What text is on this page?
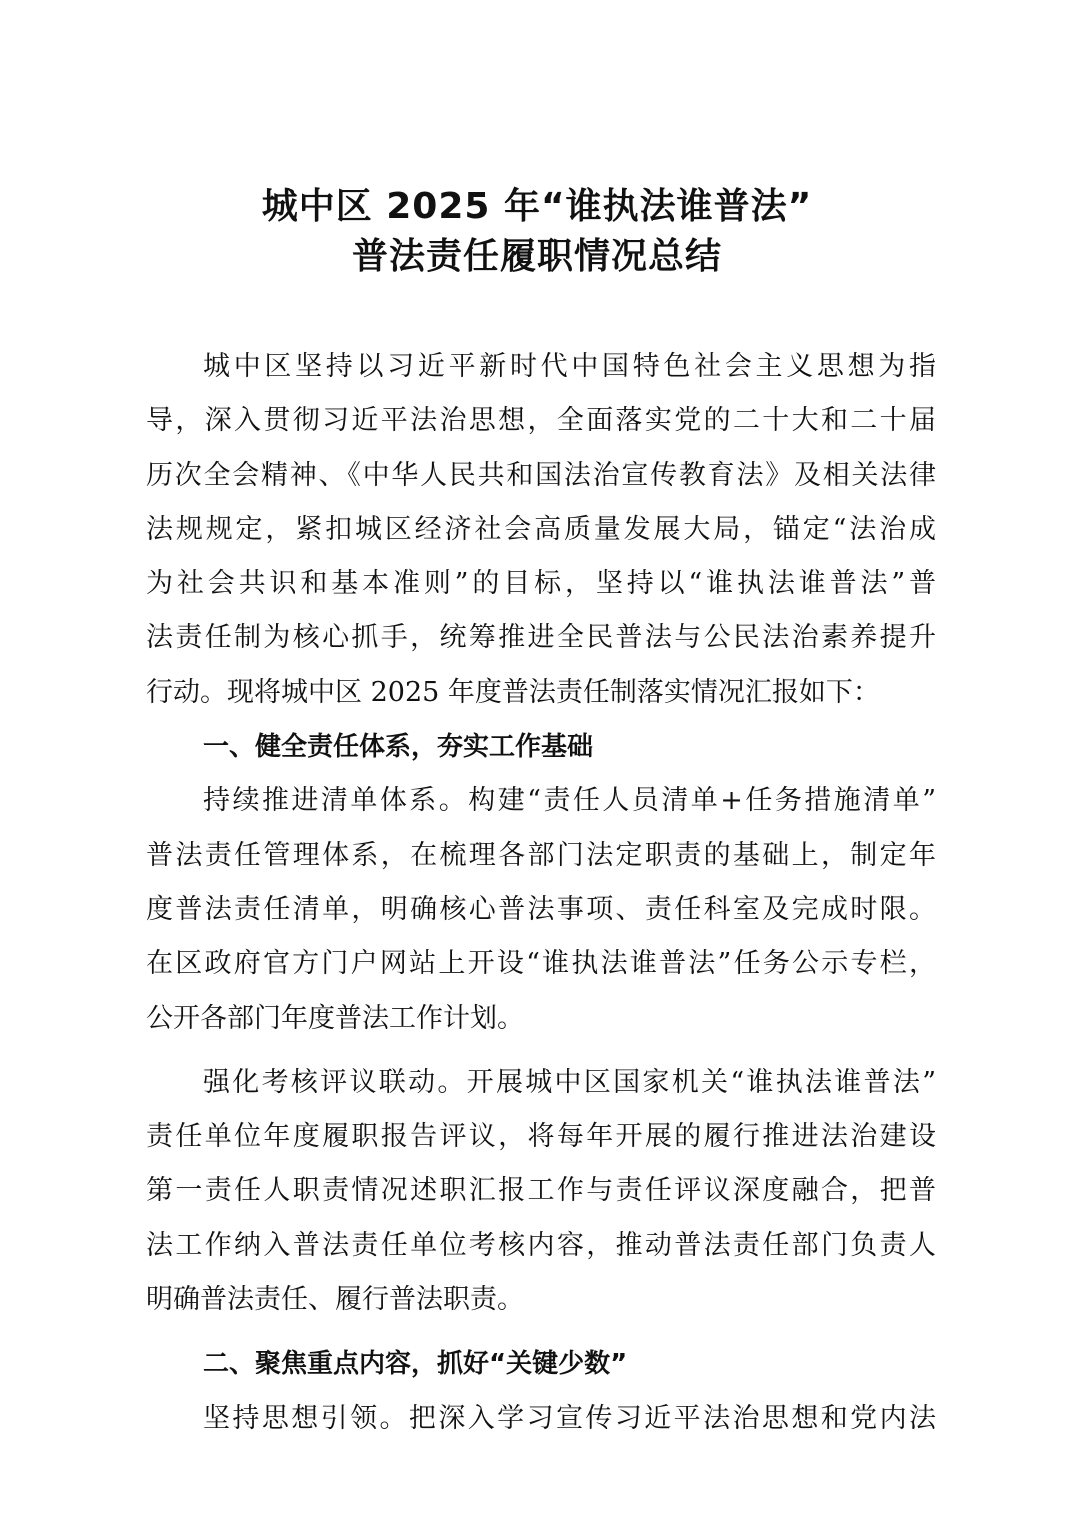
城中区 2025 年“谁执法谁普法”
普法责任履职情况总结
城中区坚持以习近平新时代中国特色社会主义思想为指
导，深入贯彻习近平法治思想，全面落实党的二十大和二十届
历次全会精神、《中华人民共和国法治宣传教育法》及相关法律
法规规定，紧扣城区经济社会高质量发展大局，锚定“法治成
为社会共识和基本准则”的目标，坚持以“谁执法谁普法”普
法责任制为核心抓手，统筹推进全民普法与公民法治素养提升
行动。现将城中区 2025 年度普法责任制落实情况汇报如下：
一、健全责任体系，夯实工作基础
持续推进清单体系。构建“责任人员清单+任务措施清单”
普法责任管理体系，在梳理各部门法定职责的基础上，制定年
度普法责任清单，明确核心普法事项、责任科室及完成时限。
在区政府官方门户网站上开设“谁执法谁普法”任务公示专栏，
公开各部门年度普法工作计划。
强化考核评议联动。开展城中区国家机关“谁执法谁普法”
责任单位年度履职报告评议，将每年开展的履行推进法治建设
第一责任人职责情况述职汇报工作与责任评议深度融合，把普
法工作纳入普法责任单位考核内容，推动普法责任部门负责人
明确普法责任、履行普法职责。
二、聚焦重点内容，抓好“关键少数”
坚持思想引领。把深入学习宣传习近平法治思想和党内法
